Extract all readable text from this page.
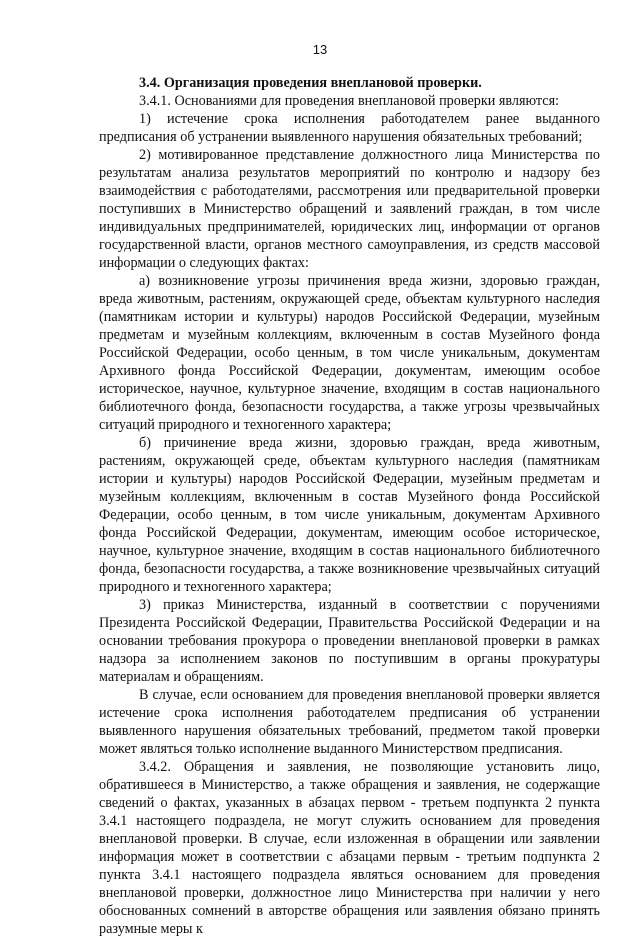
13
3.4. Организация проведения внеплановой проверки.

3.4.1. Основаниями для проведения внеплановой проверки являются:

1) истечение срока исполнения работодателем ранее выданного предписания об устранении выявленного нарушения обязательных требований;

2) мотивированное представление должностного лица Министерства по результатам анализа результатов мероприятий по контролю и надзору без взаимодействия с работодателями, рассмотрения или предварительной проверки поступивших в Министерство обращений и заявлений граждан, в том числе индивидуальных предпринимателей, юридических лиц, информации от органов государственной власти, органов местного самоуправления, из средств массовой информации о следующих фактах:

а) возникновение угрозы причинения вреда жизни, здоровью граждан, вреда животным, растениям, окружающей среде, объектам культурного наследия (памятникам истории и культуры) народов Российской Федерации, музейным предметам и музейным коллекциям, включенным в состав Музейного фонда Российской Федерации, особо ценным, в том числе уникальным, документам Архивного фонда Российской Федерации, документам, имеющим особое историческое, научное, культурное значение, входящим в состав национального библиотечного фонда, безопасности государства, а также угрозы чрезвычайных ситуаций природного и техногенного характера;

б) причинение вреда жизни, здоровью граждан, вреда животным, растениям, окружающей среде, объектам культурного наследия (памятникам истории и культуры) народов Российской Федерации, музейным предметам и музейным коллекциям, включенным в состав Музейного фонда Российской Федерации, особо ценным, в том числе уникальным, документам Архивного фонда Российской Федерации, документам, имеющим особое историческое, научное, культурное значение, входящим в состав национального библиотечного фонда, безопасности государства, а также возникновение чрезвычайных ситуаций природного и техногенного характера;

3) приказ Министерства, изданный в соответствии с поручениями Президента Российской Федерации, Правительства Российской Федерации и на основании требования прокурора о проведении внеплановой проверки в рамках надзора за исполнением законов по поступившим в органы прокуратуры материалам и обращениям.

В случае, если основанием для проведения внеплановой проверки является истечение срока исполнения работодателем предписания об устранении выявленного нарушения обязательных требований, предметом такой проверки может являться только исполнение выданного Министерством предписания.

3.4.2. Обращения и заявления, не позволяющие установить лицо, обратившееся в Министерство, а также обращения и заявления, не содержащие сведений о фактах, указанных в абзацах первом - третьем подпункта 2 пункта 3.4.1 настоящего подраздела, не могут служить основанием для проведения внеплановой проверки. В случае, если изложенная в обращении или заявлении информация может в соответствии с абзацами первым - третьим подпункта 2 пункта 3.4.1 настоящего подраздела являться основанием для проведения внеплановой проверки, должностное лицо Министерства при наличии у него обоснованных сомнений в авторстве обращения или заявления обязано принять разумные меры к
